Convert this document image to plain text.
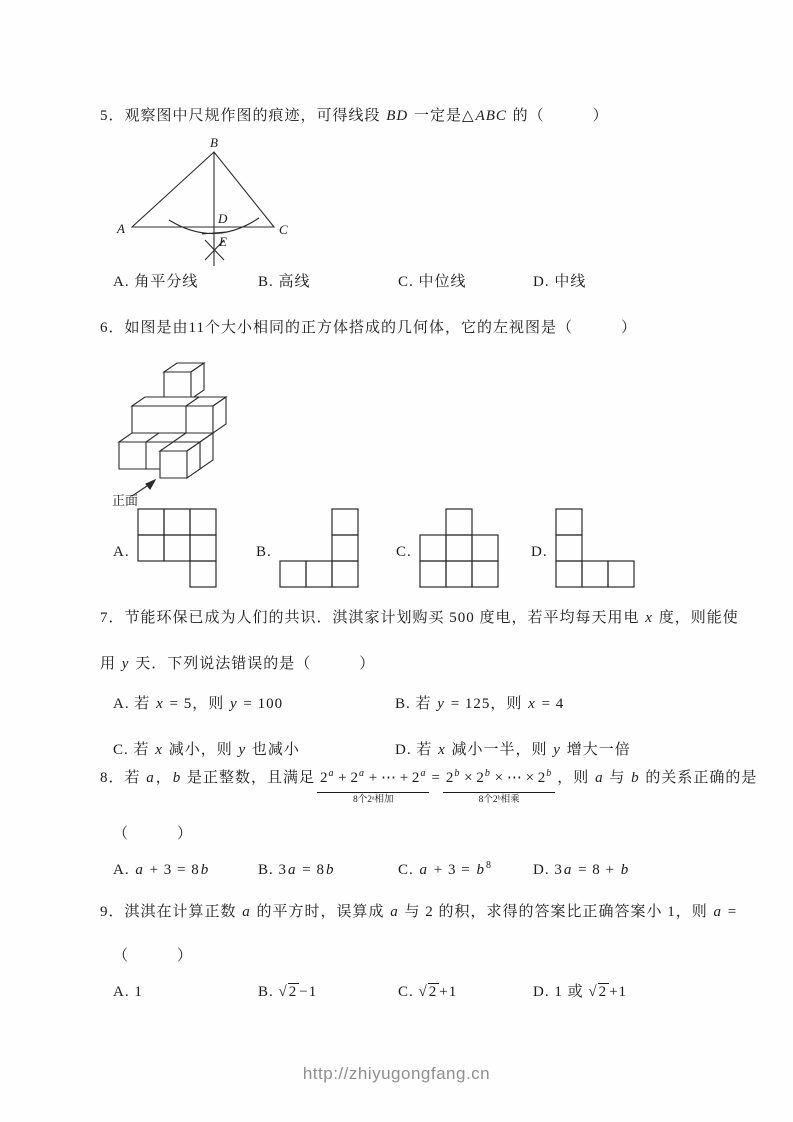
5．观察图中尺规作图的痕迹，可得线段 BD 一定是△ABC 的（　　　）
B
A	C
D
E
A. 角平分线	B. 高线	C. 中位线	D. 中线
6．如图是由11个大小相同的正方体搭成的几何体，它的左视图是（　　　）
正面
A.	B.	C.	D.
7．节能环保已成为人们的共识．淇淇家计划购买 500 度电，若平均每天用电 x 度，则能使
用 y 天．下列说法错误的是（　　　）
A. 若 x = 5，则 y = 100	B. 若 y = 125，则 x = 4
C. 若 x 减小，则 y 也减小	D. 若 x 减小一半，则 y 增大一倍
8．若 a，b 是正整数，且满足 $2^a + 2^a$ + ⋯ + $2^a$
8个2ᵃ相加
= $2^b \times 2^b$ × ⋯ × $2^b$
8个2ᵇ相乘
，则 a 与 b 的关系正确的是
（　　　）
A. a + 3 = 8b	B. 3a = 8b	C. $a + 3 = b^8$	D. 3a = 8 + b
9．淇淇在计算正数 a 的平方时，误算成 a 与 2 的积，求得的答案比正确答案小 1，则 a =
（　　　）
A. 1	B. √2 −1	C. √2 +1	D. 1 或 √2 +1
http://zhiyugongfang.cn
